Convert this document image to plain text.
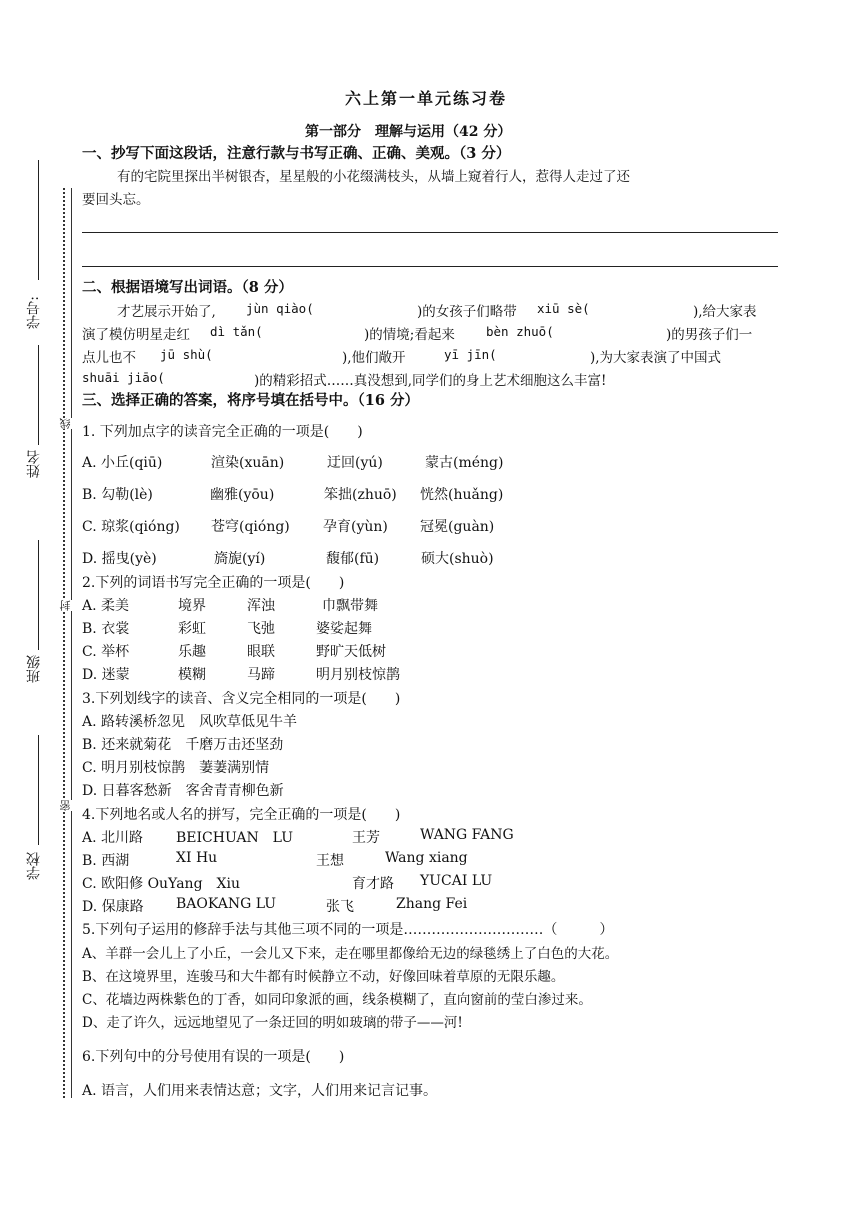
线
封
密
学号:
姓名
班级
学校
六上第一单元练习卷
第一部分　理解与运用（42 分）
一、抄写下面这段话，注意行款与书写正确、正确、美观。（3 分）
有的宅院里探出半树银杏，星星般的小花缀满枝头，从墙上窥着行人，惹得人走过了还
要回头忘。
二、根据语境写出词语。（8 分）
才艺展示开始了, jùn qiào(	)的女孩子们略带 xiū sè(	),给大家表
演了模仿明星走红 dì tǎn(	)的情境;看起来 bèn zhuō(	)的男孩子们一
点儿也不 jū shù(	),他们敞开	yī jīn(	),为大家表演了中国式
shuāi jiāo(	)的精彩招式……真没想到,同学们的身上艺术细胞这么丰富!
三、选择正确的答案，将序号填在括号中。（16 分）
1. 下列加点字的读音完全正确的一项是(　　)
A. 小丘(qiū)	渲染(xuān)	迂回(yú)	蒙古(méng)
B. 勾勒(lè)	幽雅(yōu)	笨拙(zhuō) 恍然(huǎng)
C. 琼浆(qióng) 苍穹(qióng) 孕育(yùn) 冠冕(guàn)
D. 摇曳(yè)	旖旎(yí)	馥郁(fū)	硕大(shuò)
2.下列的词语书写完全正确的一项是(　　)
A. 柔美	境界	浑浊	巾飘带舞
B. 衣裳	彩虹	飞弛	婆娑起舞
C. 举杯	乐趣	眼联	野旷天低树
D. 迷蒙	模糊	马蹄	明月别枝惊鹊
3.下列划线字的读音、含义完全相同的一项是(　　)
A. 路转溪桥忽见　风吹草低见牛羊
B. 还来就菊花　千磨万击还坚劲
C. 明月别枝惊鹊　萋萋满别情
D. 日暮客愁新　客舍青青柳色新
4.下列地名或人名的拼写，完全正确的一项是(　　)
A. 北川路 BEICHUAN　LU	王芳	WANG FANG
B. 西湖	XI Hu	王想	Wang xiang
C. 欧阳修 OuYang　Xiu	育才路 YUCAI LU
D. 保康路 BAOKANG LU	张飞	Zhang Fei
5.下列句子运用的修辞手法与其他三项不同的一项是…………………………（　　　）
A、羊群一会儿上了小丘，一会儿又下来，走在哪里都像给无边的绿毯绣上了白色的大花。
B、在这境界里，连骏马和大牛都有时候静立不动，好像回味着草原的无限乐趣。
C、花墙边两株紫色的丁香，如同印象派的画，线条模糊了，直向窗前的莹白渗过来。
D、走了许久，远远地望见了一条迂回的明如玻璃的带子——河!
6.下列句中的分号使用有误的一项是(　　)
A. 语言，人们用来表情达意；文字，人们用来记言记事。
